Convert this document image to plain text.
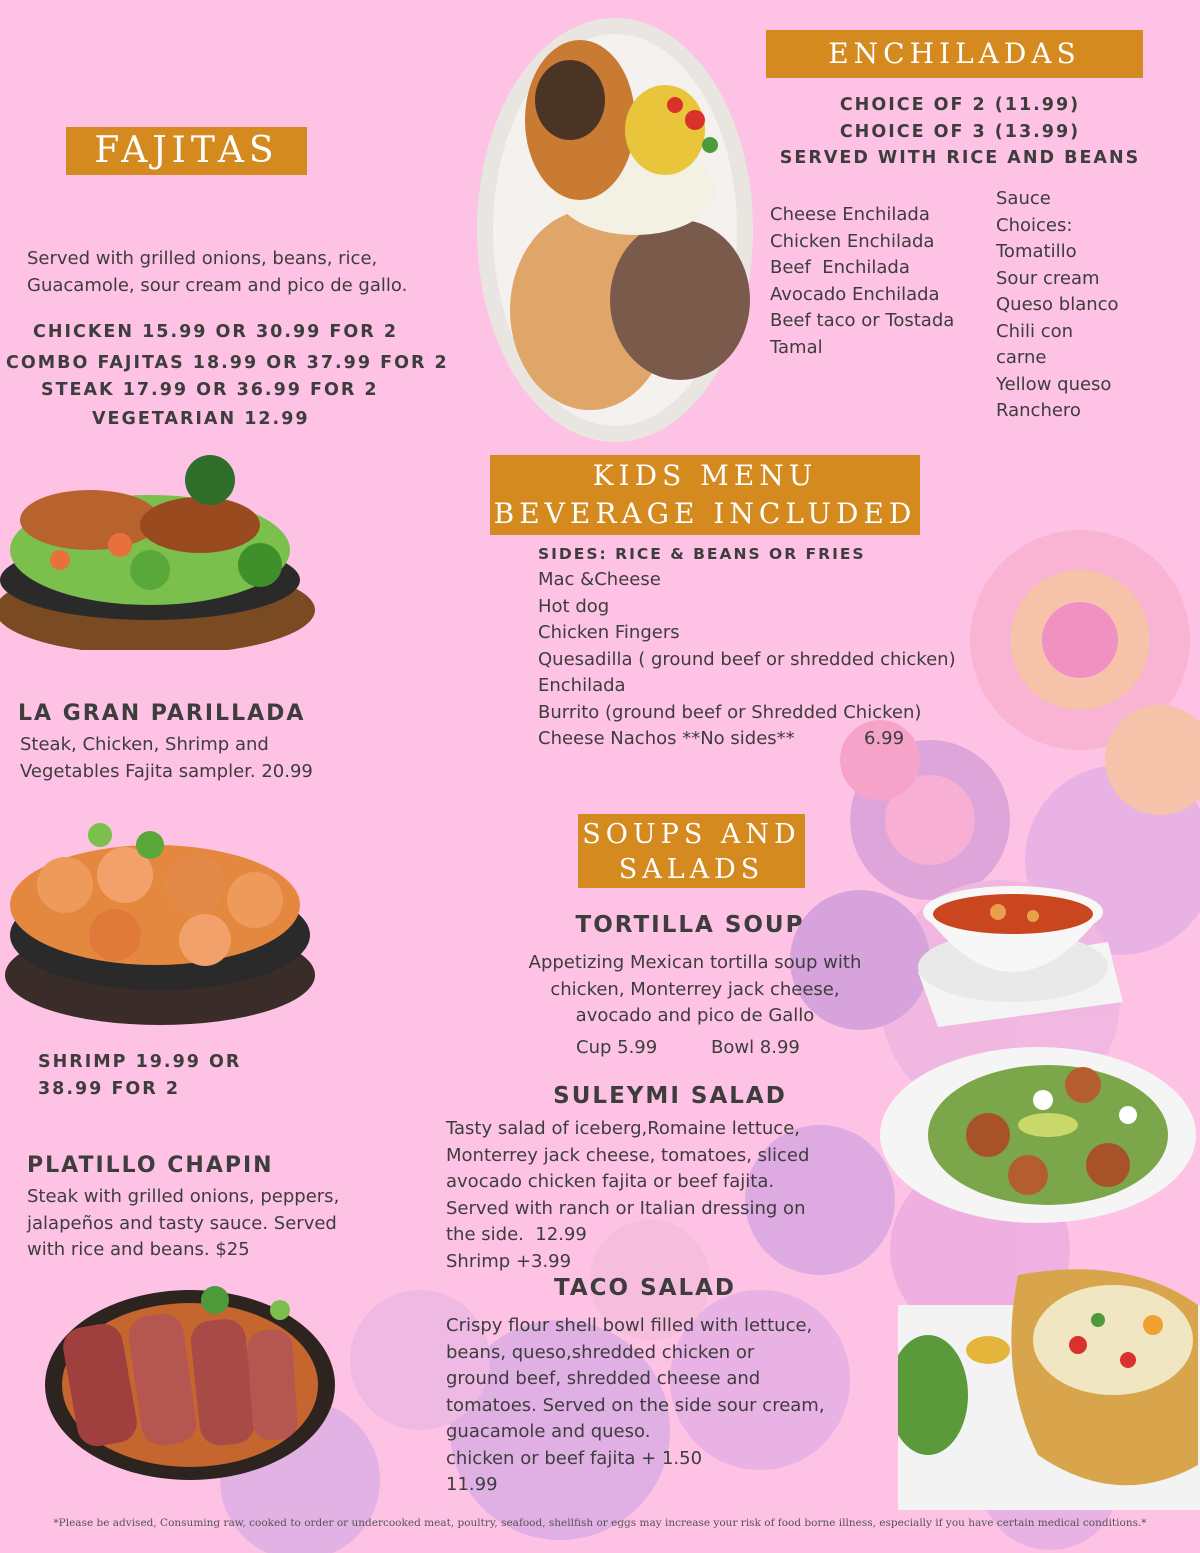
FAJITAS
Served with grilled onions, beans, rice,
Guacamole, sour cream and pico de gallo.
CHICKEN 15.99 OR 30.99 FOR 2
COMBO FAJITAS 18.99 OR 37.99 FOR 2
STEAK 17.99 OR 36.99 FOR 2
VEGETARIAN 12.99
LA GRAN PARILLADA
Steak, Chicken, Shrimp and
Vegetables Fajita sampler. 20.99
SHRIMP 19.99 OR
38.99 FOR 2
PLATILLO CHAPIN
Steak with grilled onions, peppers,
jalapeños and tasty sauce. Served
with rice and beans. $25
ENCHILADAS
CHOICE OF 2 (11.99)
CHOICE OF 3 (13.99)
SERVED WITH RICE AND BEANS
Cheese Enchilada
Chicken Enchilada
Beef  Enchilada
Avocado Enchilada
Beef taco or Tostada
Tamal
Sauce
Choices:
Tomatillo
Sour cream
Queso blanco
Chili con
carne
Yellow queso
Ranchero
KIDS MENU
BEVERAGE INCLUDED
SIDES: RICE & BEANS OR FRIES
Mac &Cheese
Hot dog
Chicken Fingers
Quesadilla ( ground beef or shredded chicken)
Enchilada
Burrito (ground beef or Shredded Chicken)
Cheese Nachos **No sides**	6.99
SOUPS AND
SALADS
TORTILLA SOUP
Appetizing Mexican tortilla soup with
chicken, Monterrey jack cheese,
avocado and pico de Gallo
Cup 5.99	Bowl 8.99
SULEYMI SALAD
Tasty salad of iceberg,Romaine lettuce,
Monterrey jack cheese, tomatoes, sliced
avocado chicken fajita or beef fajita.
Served with ranch or Italian dressing on
the side.  12.99
Shrimp +3.99
TACO SALAD
Crispy flour shell bowl filled with lettuce,
beans, queso,shredded chicken or
ground beef, shredded cheese and
tomatoes. Served on the side sour cream,
guacamole and queso.
chicken or beef fajita + 1.50
11.99
*Please be advised, Consuming raw, cooked to order or undercooked meat, poultry, seafood, shellfish or eggs may increase your risk of food borne illness, especially if you have certain medical conditions.*
